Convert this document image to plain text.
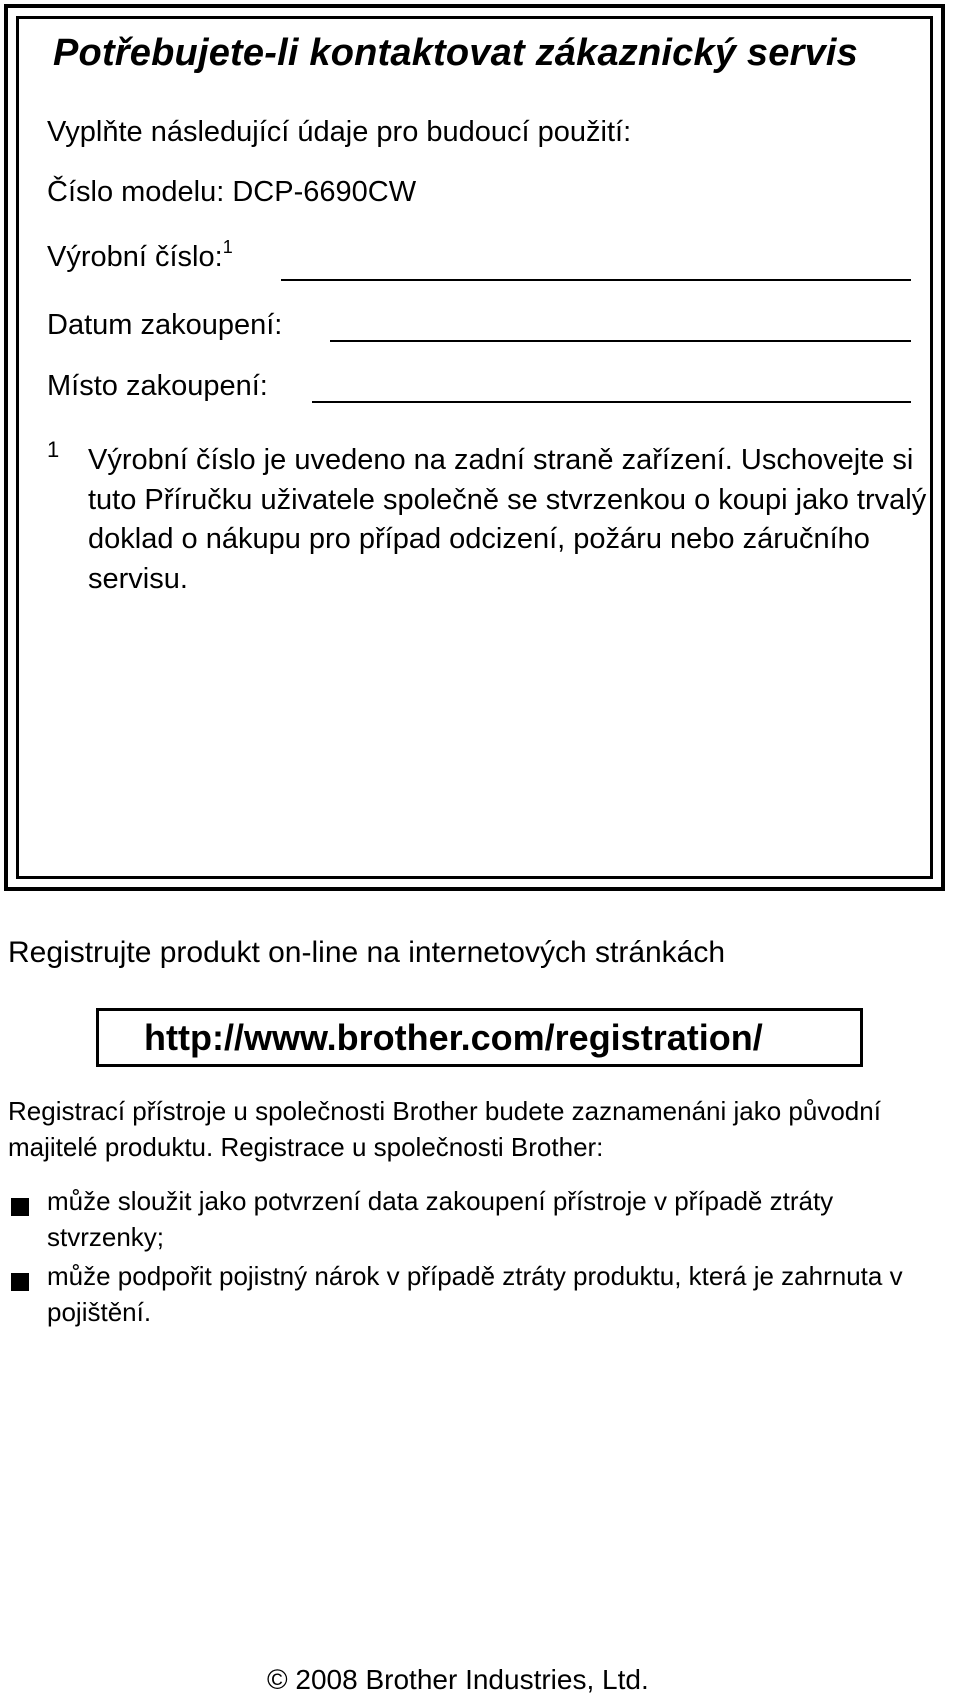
Potřebujete-li kontaktovat zákaznický servis
Vyplňte následující údaje pro budoucí použití:
Číslo modelu: DCP-6690CW
Výrobní číslo:$^1$
Datum zakoupení:
Místo zakoupení:
1 Výrobní číslo je uvedeno na zadní straně zařízení. Uschovejte si tuto Příručku uživatele společně se stvrzenkou o koupi jako trvalý doklad o nákupu pro případ odcizení, požáru nebo záručního servisu.
Registrujte produkt on-line na internetových stránkách
http://www.brother.com/registration/
Registrací přístroje u společnosti Brother budete zaznamenáni jako původní majitelé produktu. Registrace u společnosti Brother:
může sloužit jako potvrzení data zakoupení přístroje v případě ztráty stvrzenky;
může podpořit pojistný nárok v případě ztráty produktu, která je zahrnuta v pojištění.
© 2008 Brother Industries, Ltd.
